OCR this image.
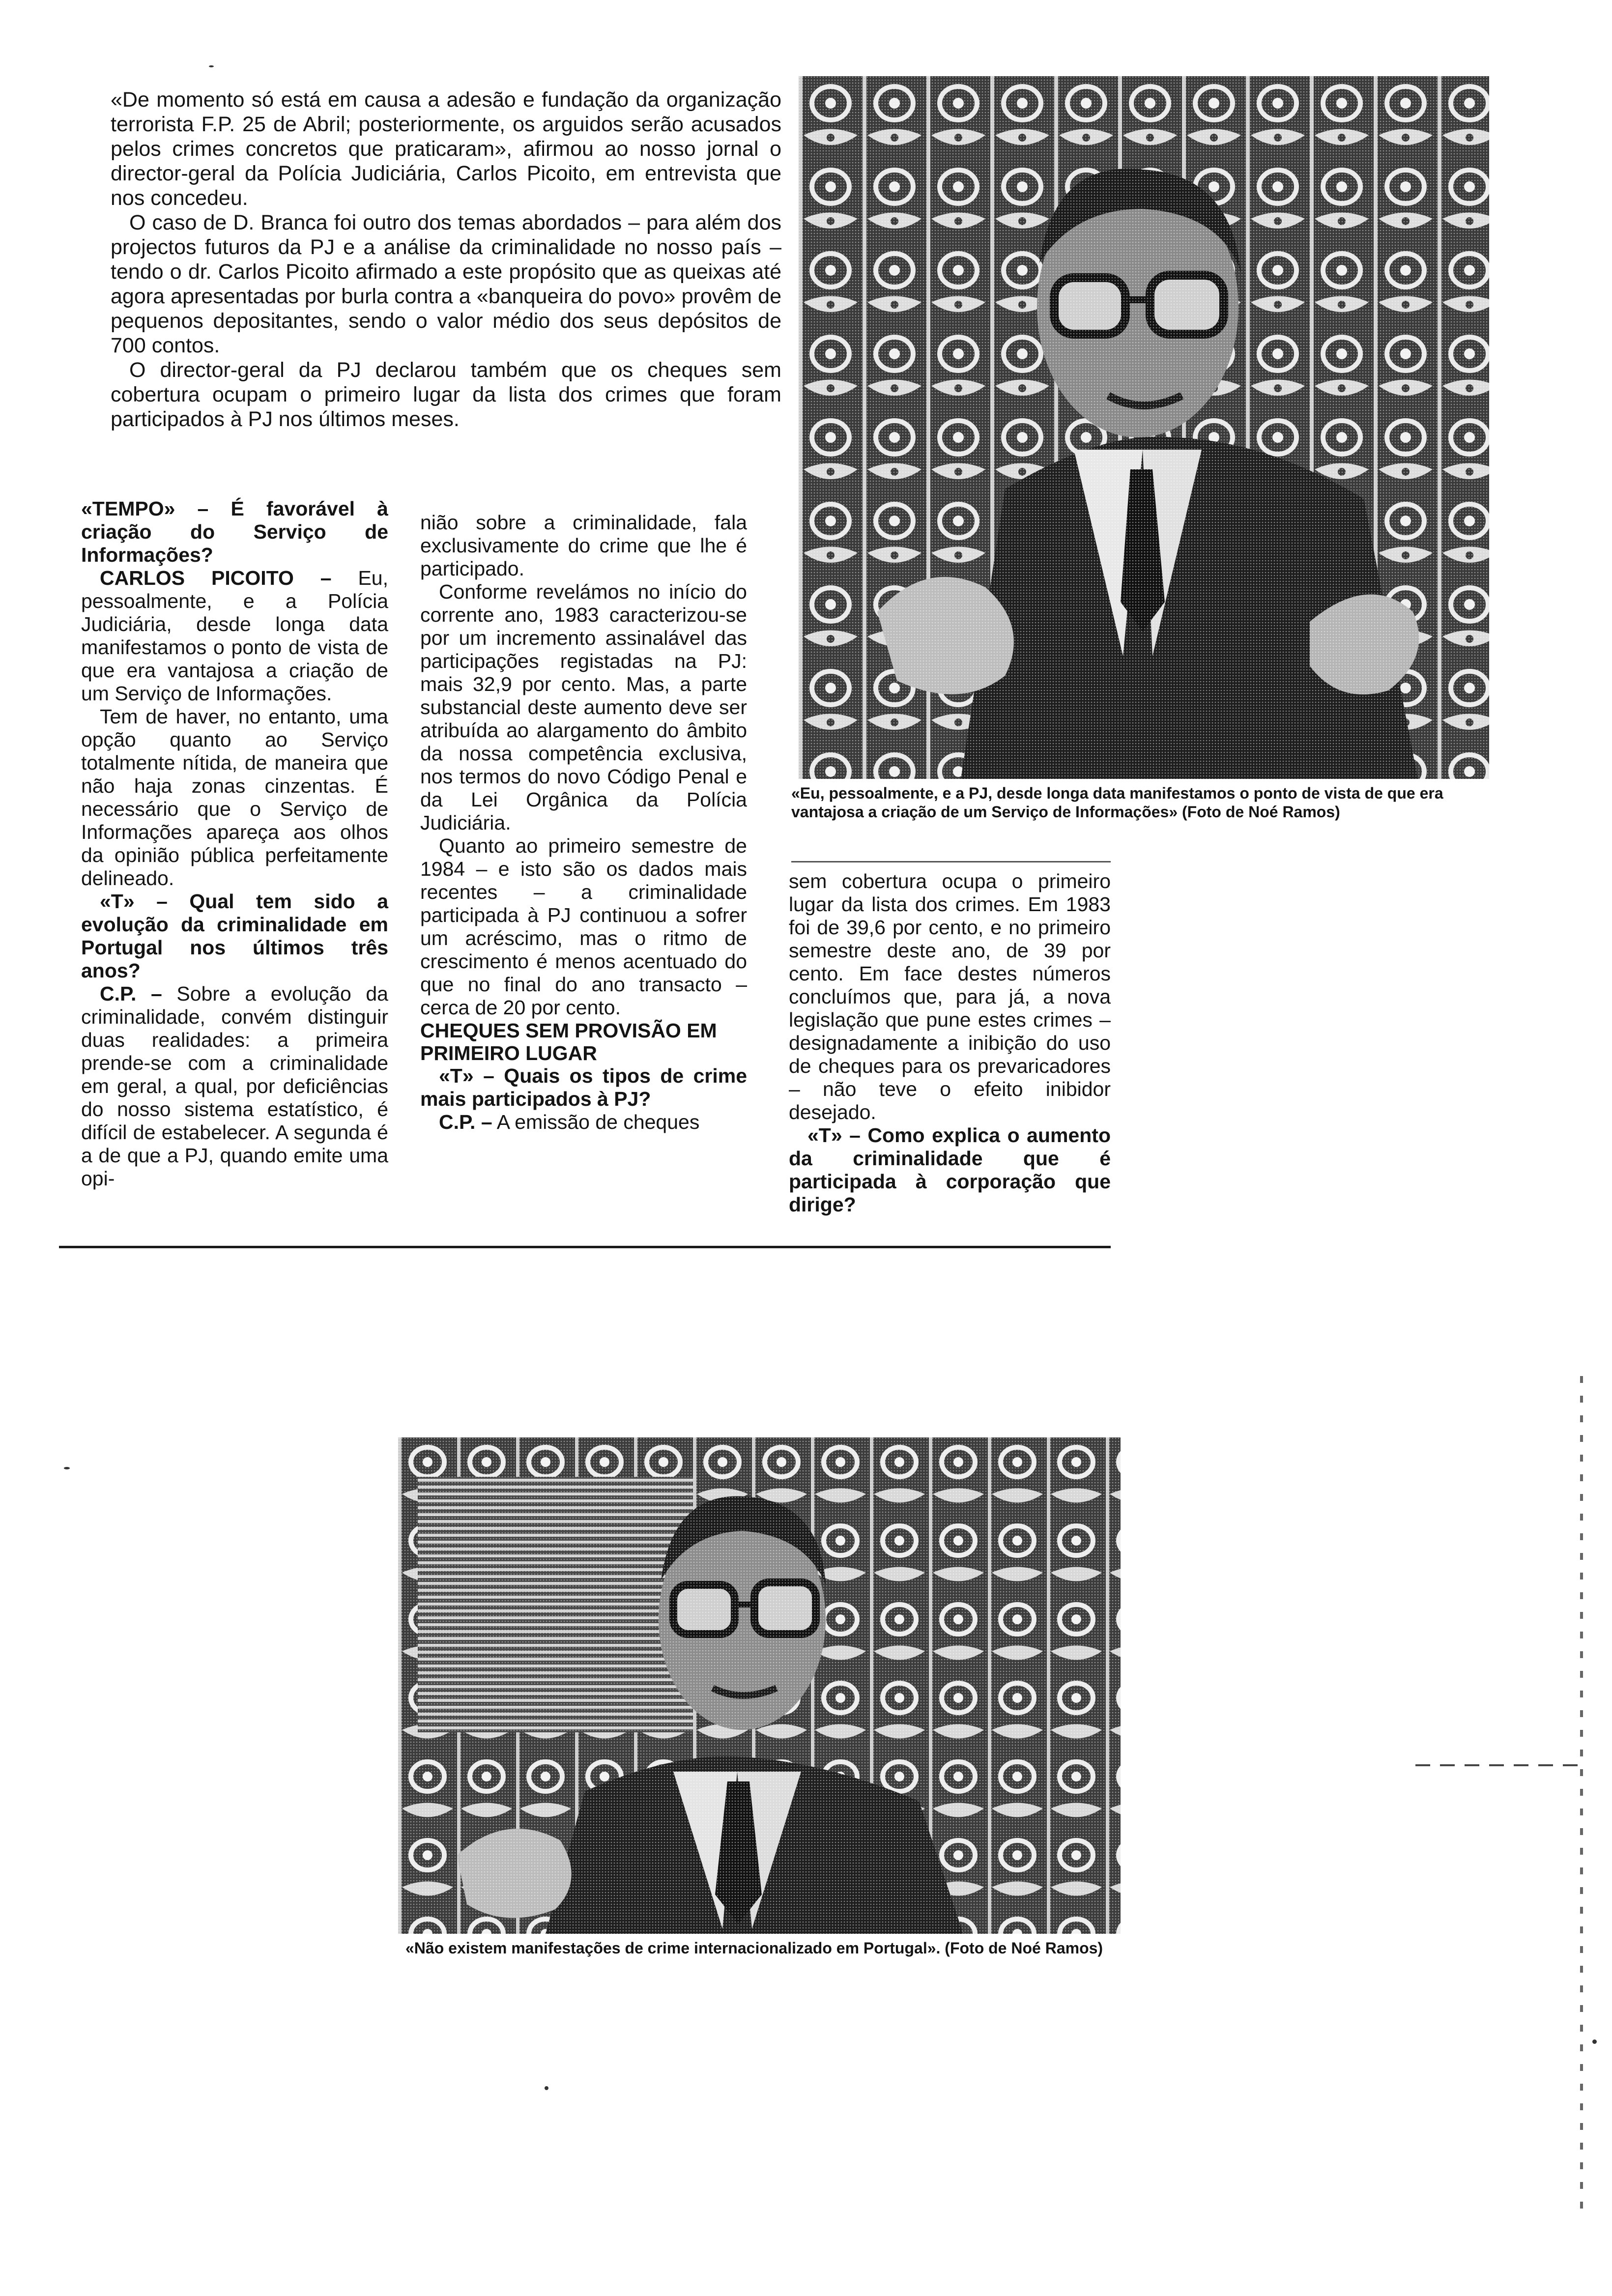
«De momento só está em causa a adesão e fundação da organização terrorista F.P. 25 de Abril; posteriormente, os arguidos serão acusados pelos crimes concretos que praticaram», afirmou ao nosso jornal o director-geral da Polícia Judiciária, Carlos Picoito, em entrevista que nos concedeu.

O caso de D. Branca foi outro dos temas abordados – para além dos projectos futuros da PJ e a análise da criminalidade no nosso país – tendo o dr. Carlos Picoito afirmado a este propósito que as queixas até agora apresentadas por burla contra a «banqueira do povo» provêm de pequenos depositantes, sendo o valor médio dos seus depósitos de 700 contos.

O director-geral da PJ declarou também que os cheques sem cobertura ocupam o primeiro lugar da lista dos crimes que foram participados à PJ nos últimos meses.

«TEMPO» – É favorável à criação do Serviço de Informações?

CARLOS PICOITO – Eu, pessoalmente, e a Polícia Judiciária, desde longa data manifestamos o ponto de vista de que era vantajosa a criação de um Serviço de Informações.

Tem de haver, no entanto, uma opção quanto ao Serviço totalmente nítida, de maneira que não haja zonas cinzentas. É necessário que o Serviço de Informações apareça aos olhos da opinião pública perfeitamente delineado.

«T» – Qual tem sido a evolução da criminalidade em Portugal nos últimos três anos?

C.P. – Sobre a evolução da criminalidade, convém distinguir duas realidades: a primeira prende-se com a criminalidade em geral, a qual, por deficiências do nosso sistema estatístico, é difícil de estabelecer. A segunda é a de que a PJ, quando emite uma opi-

nião sobre a criminalidade, fala exclusivamente do crime que lhe é participado.

Conforme revelámos no início do corrente ano, 1983 caracterizou-se por um incremento assinalável das participações registadas na PJ: mais 32,9 por cento. Mas, a parte substancial deste aumento deve ser atribuída ao alargamento do âmbito da nossa competência exclusiva, nos termos do novo Código Penal e da Lei Orgânica da Polícia Judiciária.

Quanto ao primeiro semestre de 1984 – e isto são os dados mais recentes – a criminalidade participada à PJ continuou a sofrer um acréscimo, mas o ritmo de crescimento é menos acentuado do que no final do ano transacto – cerca de 20 por cento.

CHEQUES SEM PROVISÃO EM PRIMEIRO LUGAR

«T» – Quais os tipos de crime mais participados à PJ?

C.P. – A emissão de cheques

sem cobertura ocupa o primeiro lugar da lista dos crimes. Em 1983 foi de 39,6 por cento, e no primeiro semestre deste ano, de 39 por cento. Em face destes números concluímos que, para já, a nova legislação que pune estes crimes – designadamente a inibição do uso de cheques para os prevaricadores – não teve o efeito inibidor desejado.

«T» – Como explica o aumento da criminalidade que é participada à corporação que dirige?

«Eu, pessoalmente, e a PJ, desde longa data manifestamos o ponto de vista de que era vantajosa a criação de um Serviço de Informações» (Foto de Noé Ramos)

«Não existem manifestações de crime internacionalizado em Portugal». (Foto de Noé Ramos)
